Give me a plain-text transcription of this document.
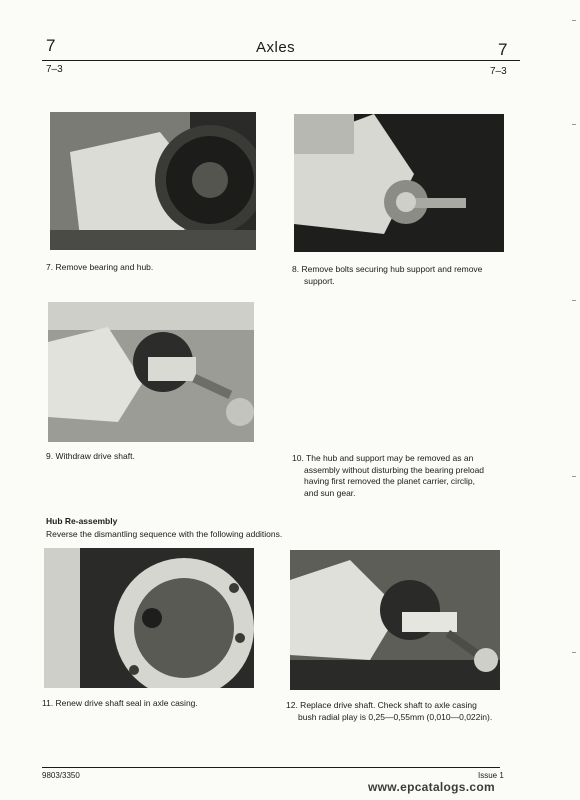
7	Axles	7
7–3	7–3
7. Remove bearing and hub.	8. Remove bolts securing hub support and remove
support.
9. Withdraw drive shaft.	10. The hub and support may be removed as an
assembly without disturbing the bearing preload
having first removed the planet carrier, circlip,
and sun gear.
Hub Re-assembly
Reverse the dismantling sequence with the following additions.
11. Renew drive shaft seal in axle casing.	12. Replace drive shaft. Check shaft to axle casing
bush radial play is 0,25—0,55mm (0,010—0,022in).
9803/3350	Issue 1
www.epcatalogs.com
